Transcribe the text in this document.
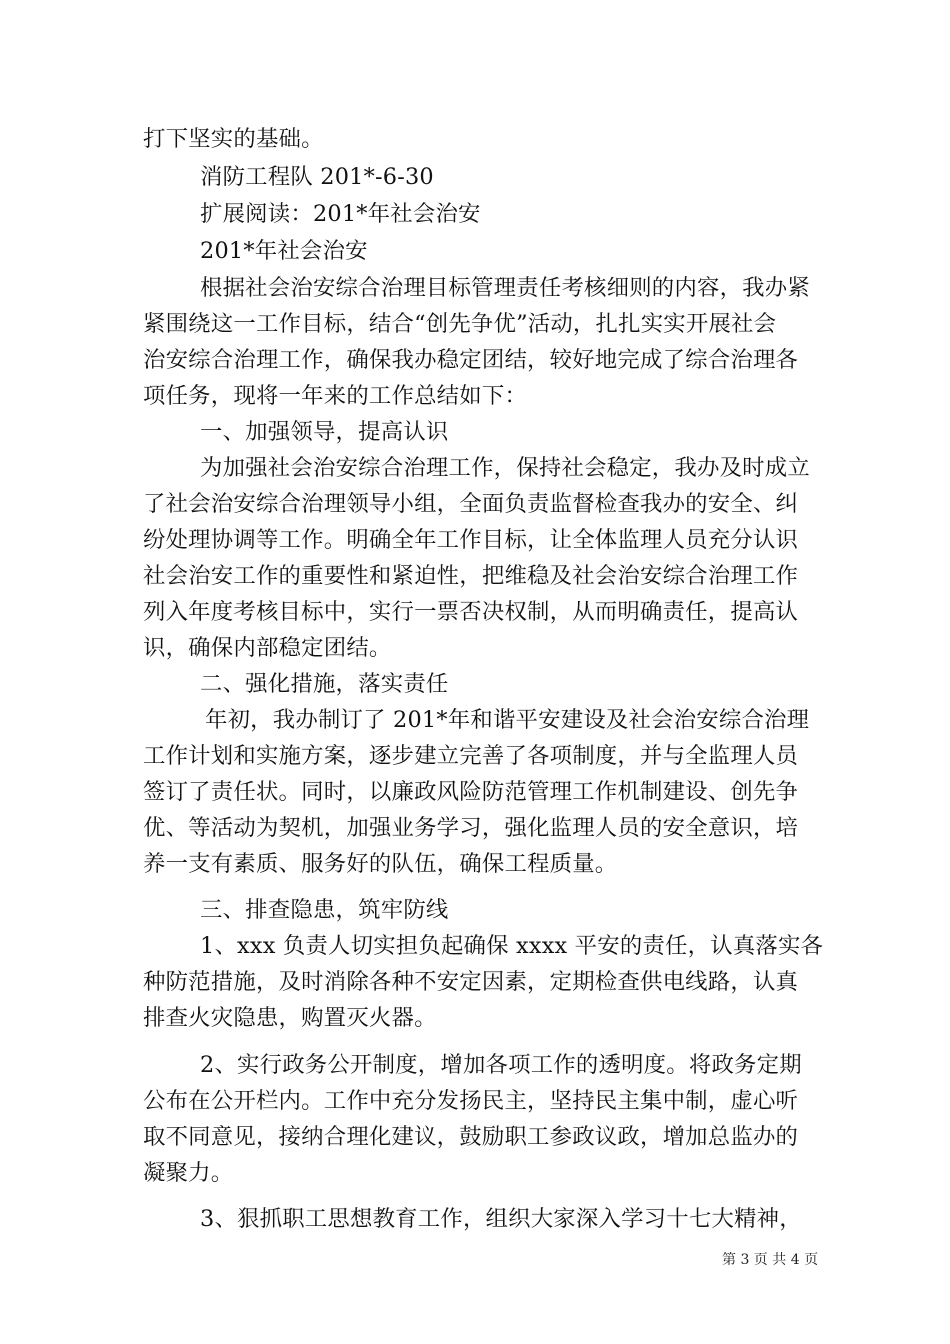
打下坚实的基础。
消防工程队 201*-6-30
扩展阅读：201*年社会治安
201*年社会治安
根据社会治安综合治理目标管理责任考核细则的内容，我办紧
紧围绕这一工作目标，结合“创先争优”活动，扎扎实实开展社会
治安综合治理工作，确保我办稳定团结，较好地完成了综合治理各
项任务，现将一年来的工作总结如下：
一、加强领导，提高认识
为加强社会治安综合治理工作，保持社会稳定，我办及时成立
了社会治安综合治理领导小组，全面负责监督检查我办的安全、纠
纷处理协调等工作。明确全年工作目标，让全体监理人员充分认识
社会治安工作的重要性和紧迫性，把维稳及社会治安综合治理工作
列入年度考核目标中，实行一票否决权制，从而明确责任，提高认
识，确保内部稳定团结。
二、强化措施，落实责任
年初，我办制订了 201*年和谐平安建设及社会治安综合治理
工作计划和实施方案，逐步建立完善了各项制度，并与全监理人员
签订了责任状。同时，以廉政风险防范管理工作机制建设、创先争
优、等活动为契机，加强业务学习，强化监理人员的安全意识，培
养一支有素质、服务好的队伍，确保工程质量。
三、排查隐患，筑牢防线
1、xxx 负责人切实担负起确保 xxxx 平安的责任，认真落实各
种防范措施，及时消除各种不安定因素，定期检查供电线路，认真
排查火灾隐患，购置灭火器。
2、实行政务公开制度，增加各项工作的透明度。将政务定期
公布在公开栏内。工作中充分发扬民主，坚持民主集中制，虚心听
取不同意见，接纳合理化建议，鼓励职工参政议政，增加总监办的
凝聚力。
3、狠抓职工思想教育工作，组织大家深入学习十七大精神，
第 3 页 共 4 页
